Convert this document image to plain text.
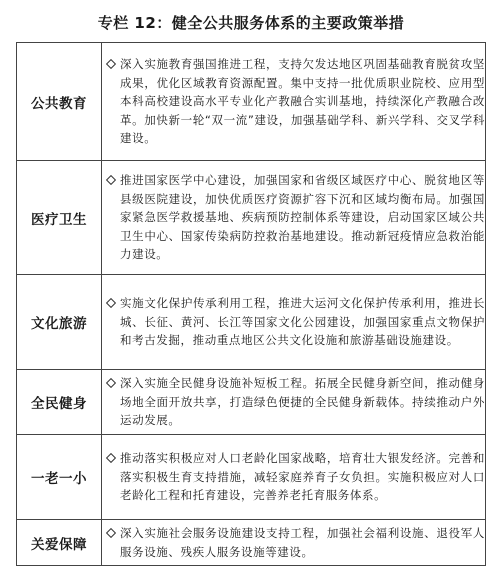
专栏 12：健全公共服务体系的主要政策举措
公共教育	深入实施教育强国推进工程，支持欠发达地区巩固基础教育脱贫攻坚成果，优化区域教育资源配置。集中支持一批优质职业院校、应用型本科高校建设高水平专业化产教融合实训基地，持续深化产教融合改革。加快新一轮“双一流”建设，加强基础学科、新兴学科、交叉学科建设。

医疗卫生	推进国家医学中心建设，加强国家和省级区域医疗中心、脱贫地区等县级医院建设，加快优质医疗资源扩容下沉和区域均衡布局。加强国家紧急医学救援基地、疾病预防控制体系等建设，启动国家区域公共卫生中心、国家传染病防控救治基地建设。推动新冠疫情应急救治能力建设。

文化旅游	实施文化保护传承利用工程，推进大运河文化保护传承利用，推进长城、长征、黄河、长江等国家文化公园建设，加强国家重点文物保护和考古发掘，推动重点地区公共文化设施和旅游基础设施建设。

全民健身	深入实施全民健身设施补短板工程。拓展全民健身新空间，推动健身场地全面开放共享，打造绿色便捷的全民健身新载体。持续推动户外运动发展。

一老一小	推动落实积极应对人口老龄化国家战略，培育壮大银发经济。完善和落实积极生育支持措施，减轻家庭养育子女负担。实施积极应对人口老龄化工程和托育建设，完善养老托育服务体系。

关爱保障	深入实施社会服务设施建设支持工程，加强社会福利设施、退役军人服务设施、残疾人服务设施等建设。
